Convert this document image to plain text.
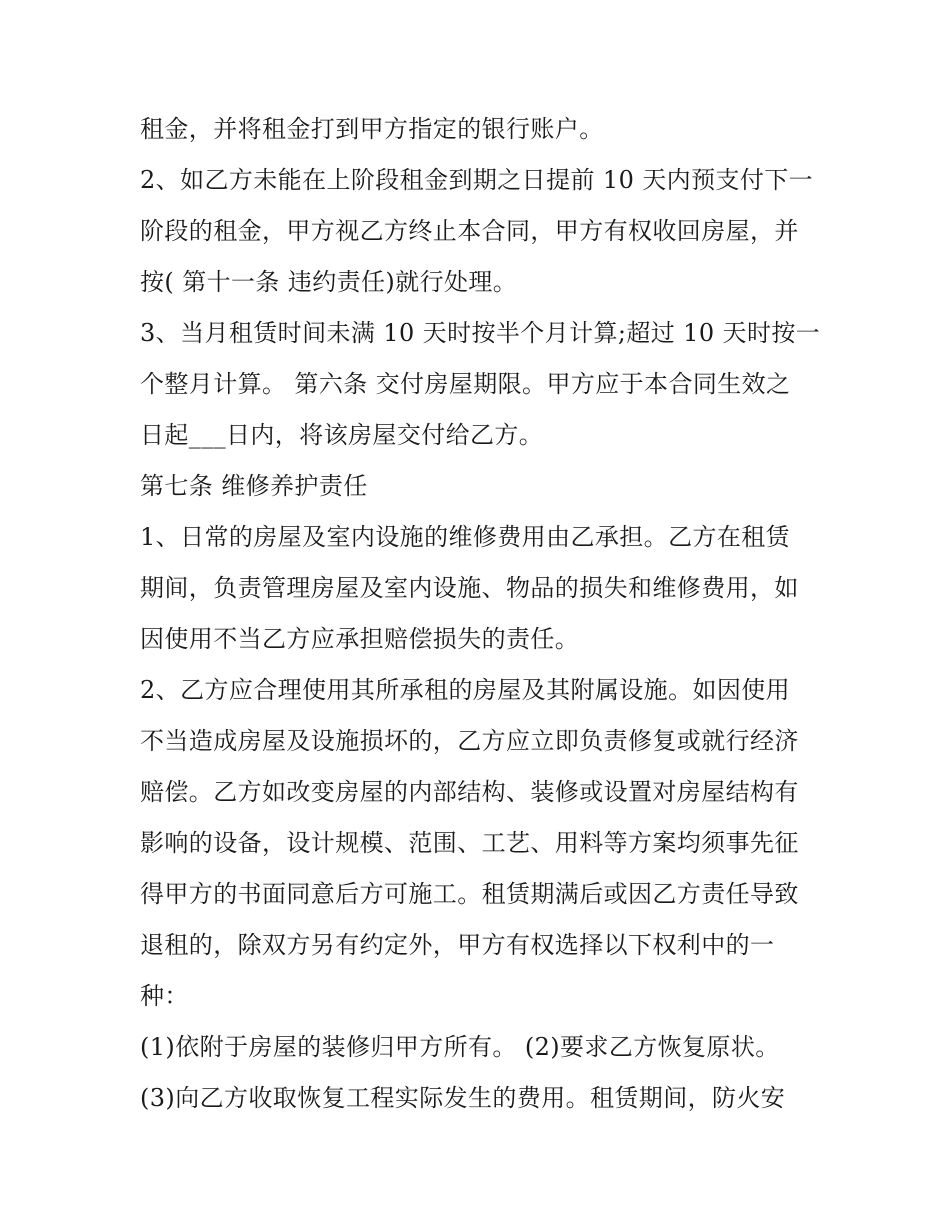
租金，并将租金打到甲方指定的银行账户。
2、如乙方未能在上阶段租金到期之日提前 10 天内预支付下一
阶段的租金，甲方视乙方终止本合同，甲方有权收回房屋，并
按( 第十一条 违约责任)就行处理。
3、当月租赁时间未满 10 天时按半个月计算;超过 10 天时按一
个整月计算。 第六条 交付房屋期限。甲方应于本合同生效之
日起___日内，将该房屋交付给乙方。
第七条 维修养护责任
1、日常的房屋及室内设施的维修费用由乙承担。乙方在租赁
期间，负责管理房屋及室内设施、物品的损失和维修费用，如
因使用不当乙方应承担赔偿损失的责任。
2、乙方应合理使用其所承租的房屋及其附属设施。如因使用
不当造成房屋及设施损坏的，乙方应立即负责修复或就行经济
赔偿。乙方如改变房屋的内部结构、装修或设置对房屋结构有
影响的设备，设计规模、范围、工艺、用料等方案均须事先征
得甲方的书面同意后方可施工。租赁期满后或因乙方责任导致
退租的，除双方另有约定外，甲方有权选择以下权利中的一
种：
(1)依附于房屋的装修归甲方所有。 (2)要求乙方恢复原状。
(3)向乙方收取恢复工程实际发生的费用。租赁期间，防火安
